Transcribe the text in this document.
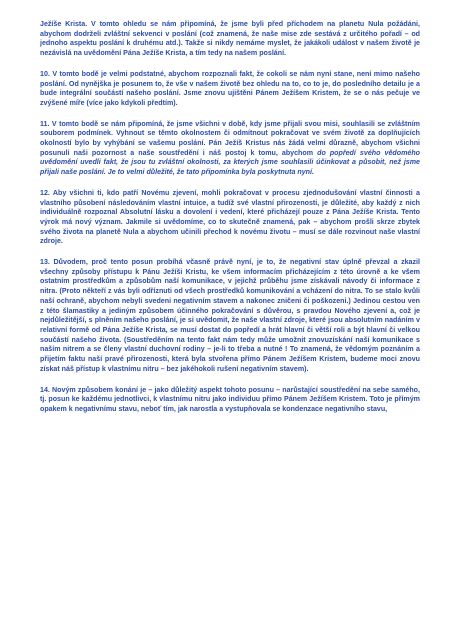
Ježíše Krista. V tomto ohledu se nám připomíná, že jsme byli před příchodem na planetu Nula požádáni, abychom dodrželi zvláštní sekvenci v poslání (což znamená, že naše mise zde sestává z určitého pořadí – od jednoho aspektu poslání k druhému atd.). Takže si nikdy nemáme myslet, že jakákoli událost v našem životě je nezávislá na uvědomění Pána Ježíše Krista, a tím tedy na našem poslání.

10. V tomto bodě je velmi podstatné, abychom rozpoznali fakt, že cokoli se nám nyní stane, není mimo našeho poslání. Od nynějška je posunem to, že vše v našem životě bez ohledu na to, co to je, do posledního detailu je a bude integrální součástí našeho poslání. Jsme znovu ujištěni Pánem Ježíšem Kristem, že se o nás pečuje ve zvýšené míře (více jako kdykoli předtím).

11. V tomto bodě se nám připomíná, že jsme všichni v době, kdy jsme přijali svou misi, souhlasili se zvláštním souborem podmínek. Vyhnout se těmto okolnostem či odmítnout pokračovat ve svém životě za doplňujících okolností bylo by vyhýbání se vašemu poslání. Pán Ježíš Kristus nás žádá velmi důrazně, abychom všichni posunuli naši pozornost a naše soustředění i náš postoj k tomu, abychom do popředí svého vědomého uvědomění uvedli fakt, že jsou tu zvláštní okolnosti, za kterých jsme souhlasili účinkovat a působit, než jsme přijali naše poslání. Je to velmi důležité, že tato připomínka byla poskytnuta nyní.

12. Aby všichni ti, kdo patří Novému zjevení, mohli pokračovat v procesu zjednodušování vlastní činnosti a vlastního působení následováním vlastní intuice, a tudíž své vlastní přirozenosti, je důležité, aby každý z nich individuálně rozpoznal Absolutní lásku a dovolení i vedení, které přicházejí pouze z Pána Ježíše Krista. Tento výrok má nový význam. Jakmile si uvědomíme, co to skutečně znamená, pak – abychom prošli skrze zbytek svého života na planetě Nula a abychom učinili přechod k novému životu – musí se dále rozvinout naše vlastní zdroje.

13. Důvodem, proč tento posun probíhá včasně právě nyní, je to, že negativní stav úplně převzal a zkazil všechny způsoby přístupu k Pánu Ježíši Kristu, ke všem informacím přicházejícím z této úrovně a ke všem ostatním prostředkům a způsobům naší komunikace, v jejichž průběhu jsme získávali návody či informace z nitra. (Proto někteří z vás byli odříznuti od všech prostředků komunikování a vcházení do nitra. To se stalo kvůli naší ochraně, abychom nebyli svedeni negativním stavem a nakonec zničeni či poškozeni.) Jedinou cestou ven z této šlamastiky a jediným způsobem účinného pokračování s důvěrou, s pravdou Nového zjevení a, což je nejdůležitější, s plněním našeho poslání, je si uvědomit, že naše vlastní zdroje, které jsou absolutním nadáním v relativní formě od Pána Ježíše Krista, se musí dostat do popředí a hrát hlavní či větší roli a být hlavní či velkou součástí našeho života. (Soustředěním na tento fakt nám tedy může umožnit znovuzískání naší komunikace s naším nitrem a se členy vlastní duchovní rodiny – je-li to třeba a nutné ! To znamená, že vědomým poznáním a přijetím faktu naší pravé přirozenosti, která byla stvořena přímo Pánem Ježíšem Kristem, budeme moci znovu získat náš přístup k vlastnímu nitru – bez jakéhokoli rušení negativním stavem).

14. Novým způsobem konání je – jako důležitý aspekt tohoto posunu – narůstající soustředění na sebe samého, tj. posun ke každému jednotlivci, k vlastnímu nitru jako individuu přímo Pánem Ježíšem Kristem. Toto je přímým opakem k negativnímu stavu, neboť tím, jak narostla a vystupňovala se kondenzace negativního stavu,
